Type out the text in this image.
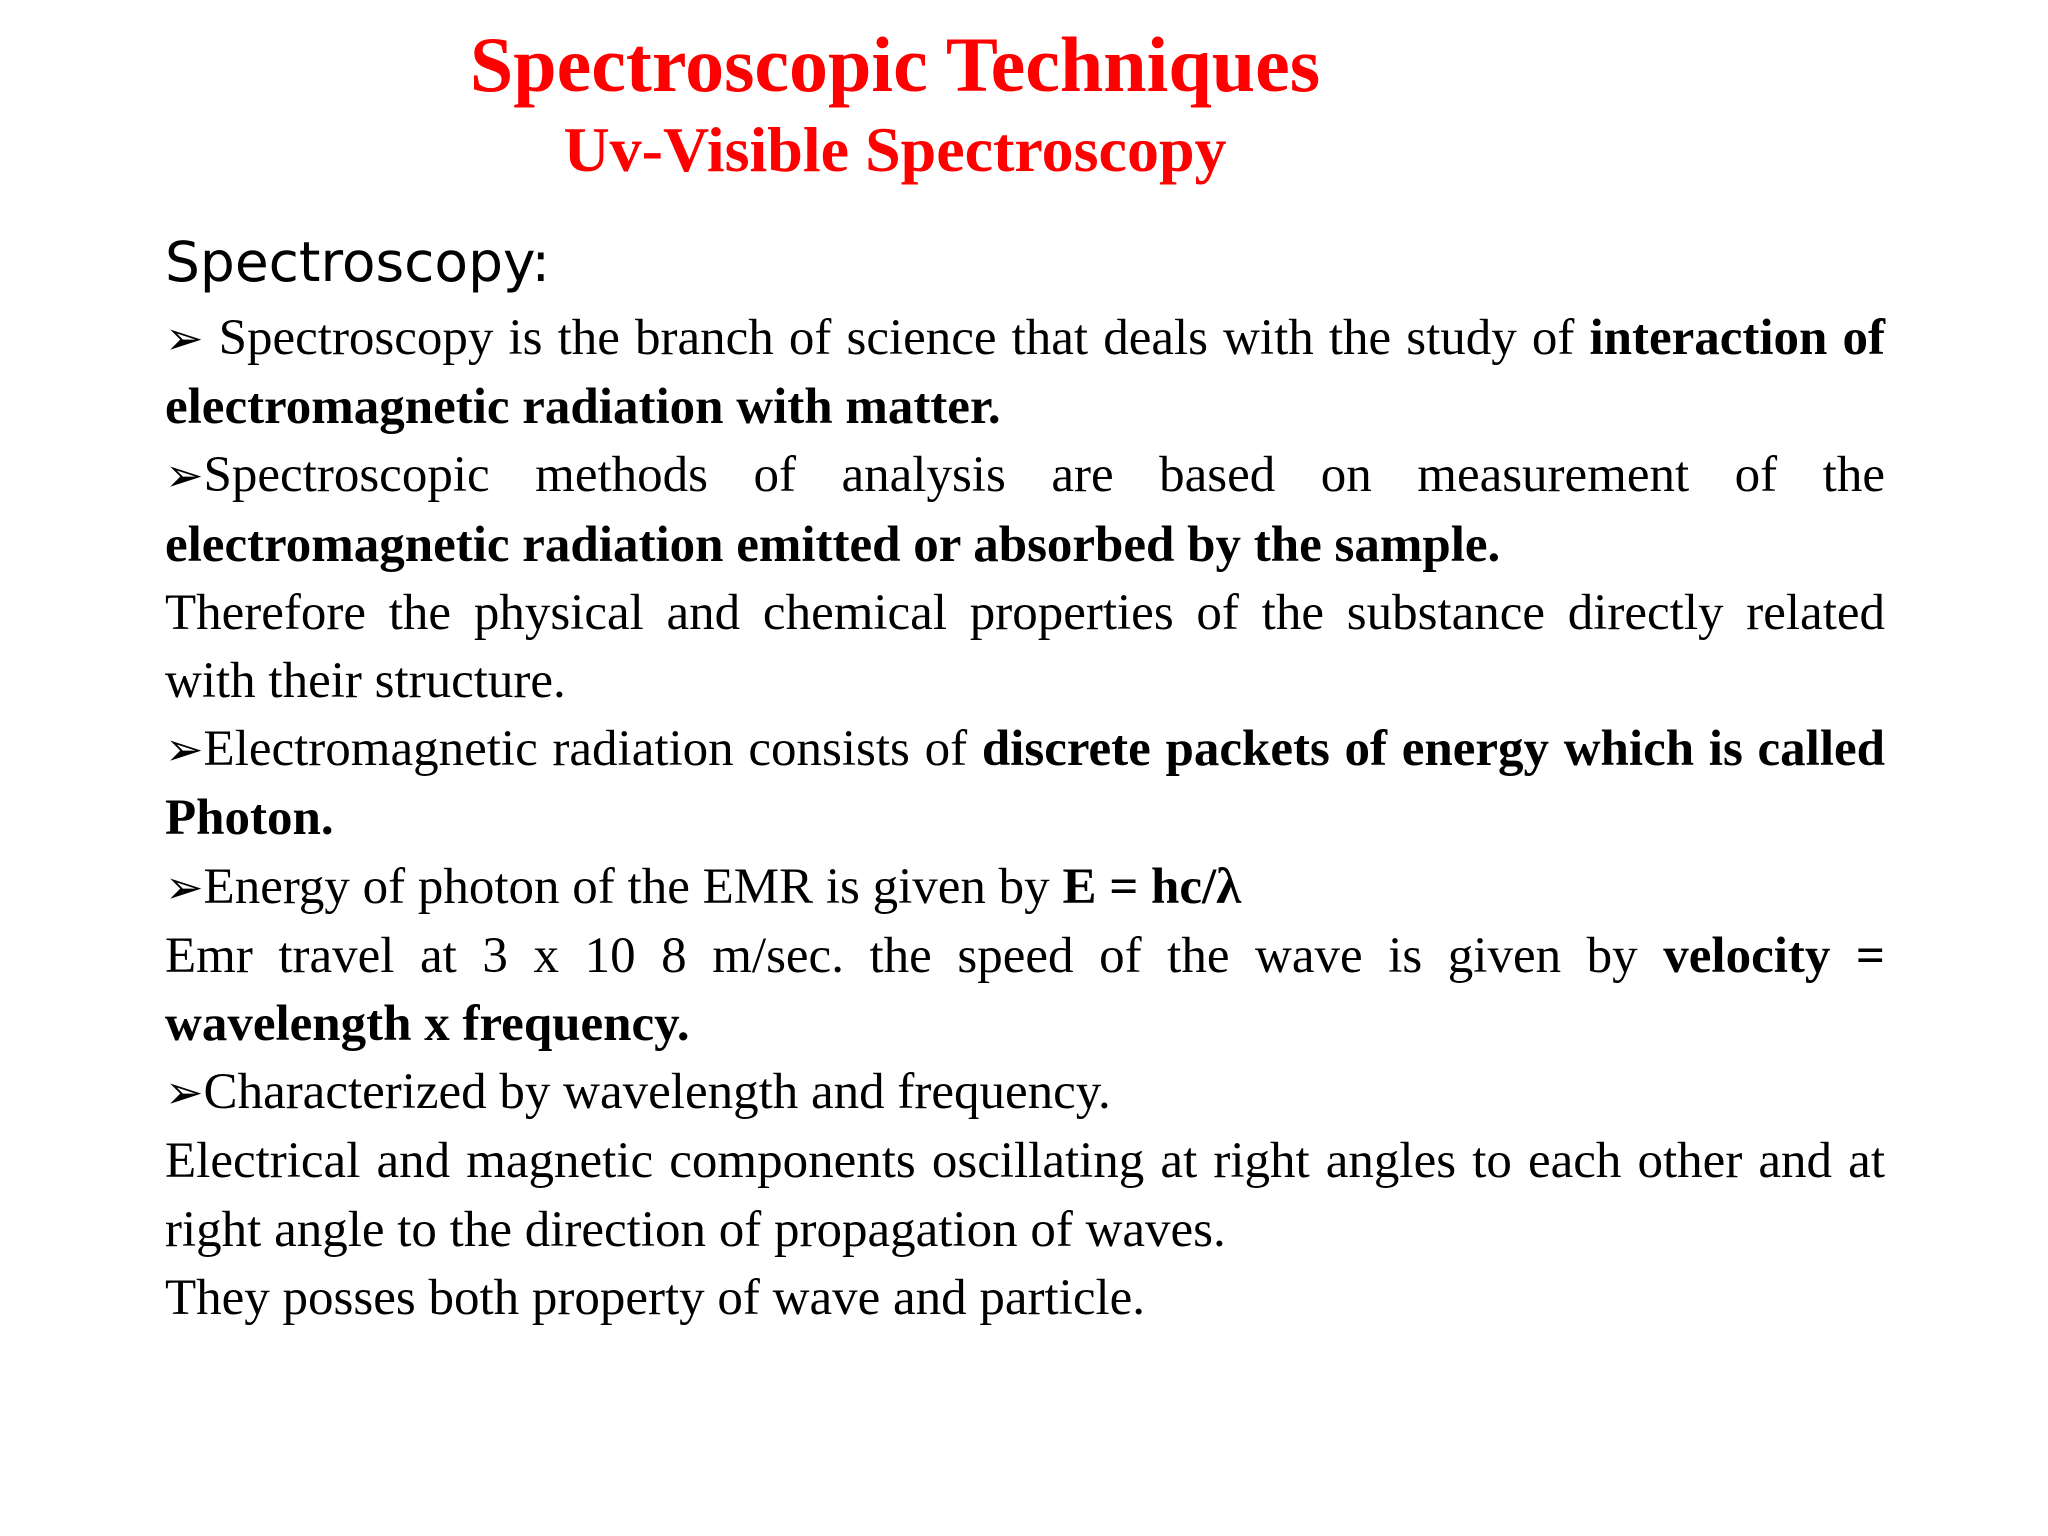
Spectroscopic Techniques
Uv-Visible Spectroscopy

Spectroscopy:

➢ Spectroscopy is the branch of science that deals with the study of interaction of electromagnetic radiation with matter.

➢Spectroscopic methods of analysis are based on measurement of the electromagnetic radiation emitted or absorbed by the sample.

Therefore the physical and chemical properties of the substance directly related with their structure.

➢Electromagnetic radiation consists of discrete packets of energy which is called Photon.

➢Energy of photon of the EMR is given by E = hc/λ

Emr travel at 3 x 10 8 m/sec. the speed of the wave is given by velocity = wavelength x frequency.

➢Characterized by wavelength and frequency.

Electrical and magnetic components oscillating at right angles to each other and at right angle to the direction of propagation of waves.

They posses both property of wave and particle.
